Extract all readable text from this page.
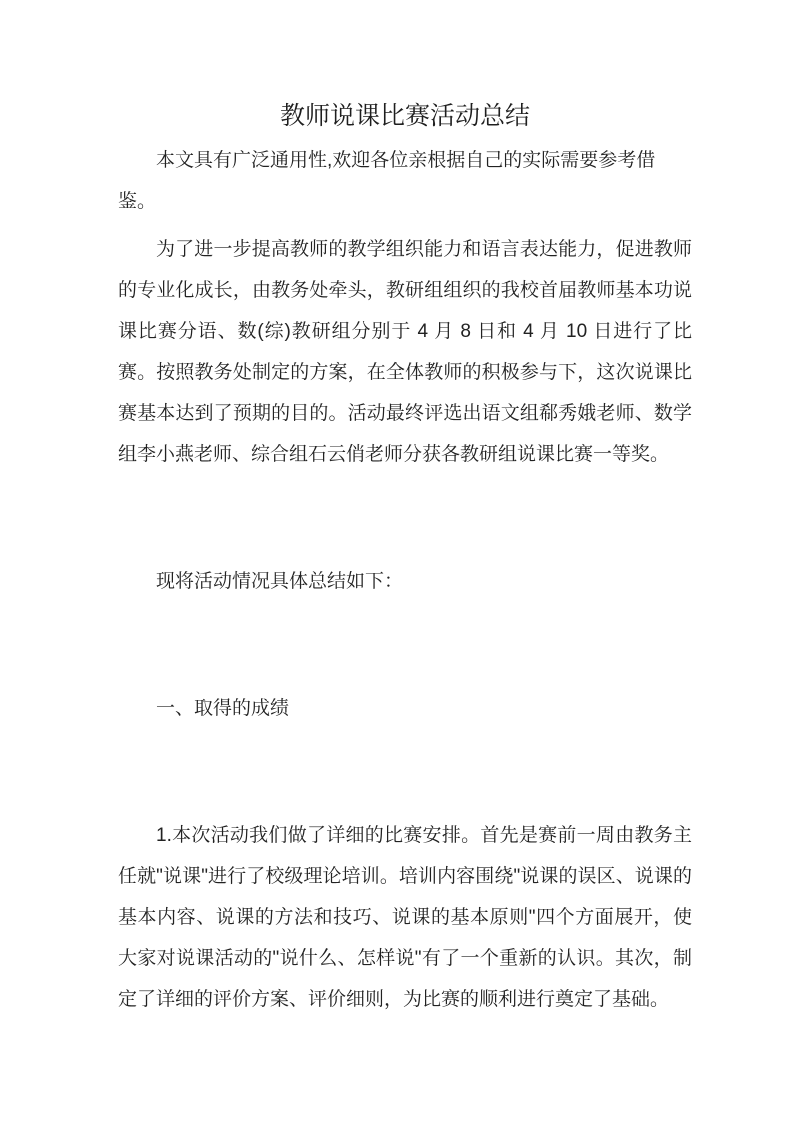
教师说课比赛活动总结

本文具有广泛通用性,欢迎各位亲根据自己的实际需要参考借鉴。

为了进一步提高教师的教学组织能力和语言表达能力，促进教师的专业化成长，由教务处牵头，教研组组织的我校首届教师基本功说课比赛分语、数(综)教研组分别于 4 月 8 日和 4 月 10 日进行了比赛。按照教务处制定的方案，在全体教师的积极参与下，这次说课比赛基本达到了预期的目的。活动最终评选出语文组郗秀娥老师、数学组李小燕老师、综合组石云俏老师分获各教研组说课比赛一等奖。

现将活动情况具体总结如下：

一、取得的成绩

1.本次活动我们做了详细的比赛安排。首先是赛前一周由教务主任就"说课"进行了校级理论培训。培训内容围绕"说课的误区、说课的基本内容、说课的方法和技巧、说课的基本原则"四个方面展开，使大家对说课活动的"说什么、怎样说"有了一个重新的认识。其次，制定了详细的评价方案、评价细则，为比赛的顺利进行奠定了基础。
